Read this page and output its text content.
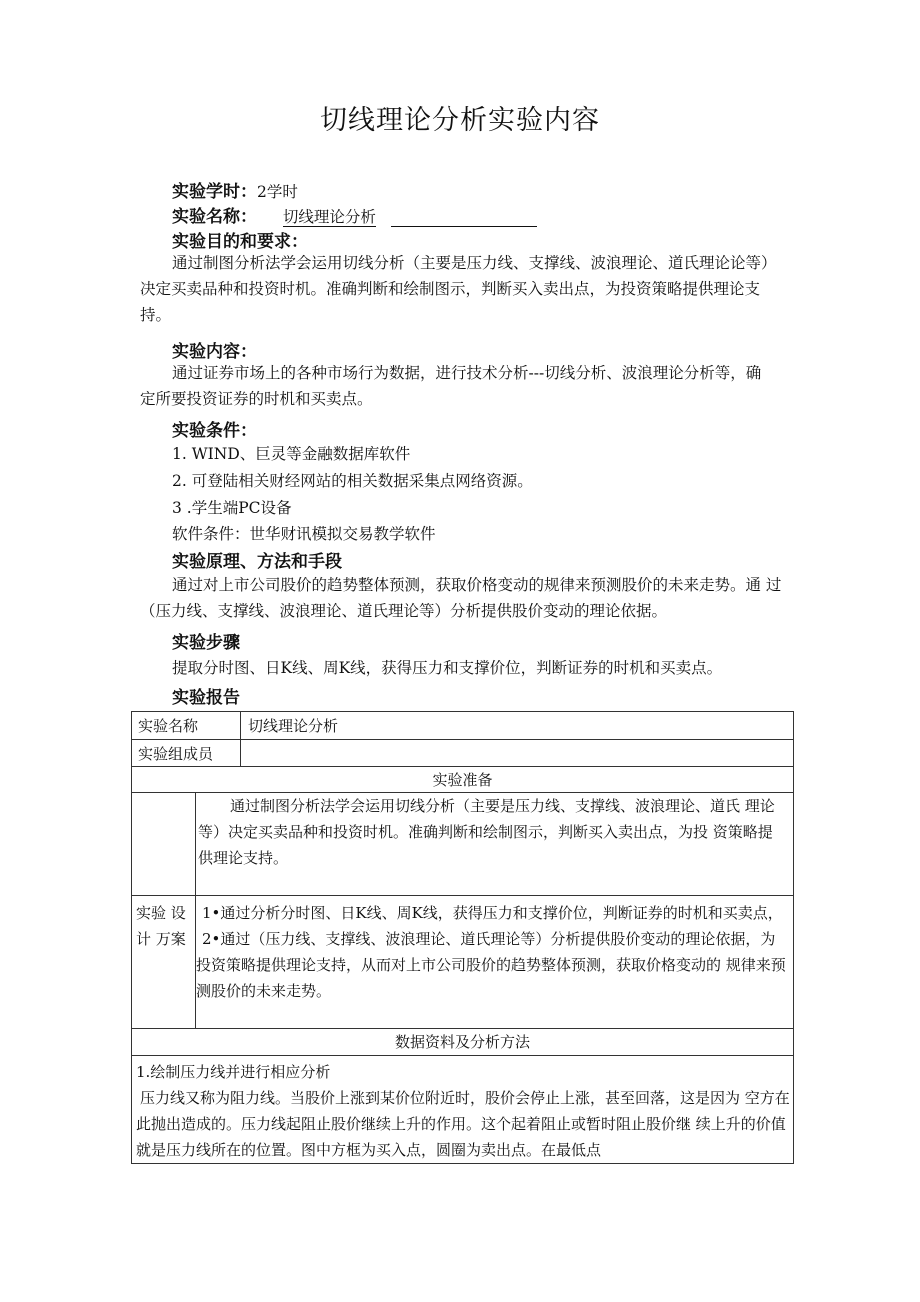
切线理论分析实验内容
实验学时：2学时
实验名称： 切线理论分析
实验目的和要求：
通过制图分析法学会运用切线分析（主要是压力线、支撑线、波浪理论、道氏理论论等） 决定买卖品种和投资时机。准确判断和绘制图示，判断买入卖出点，为投资策略提供理论支 持。
实验内容：
通过证券市场上的各种市场行为数据，进行技术分析---切线分析、波浪理论分析等，确 定所要投资证券的时机和买卖点。
实验条件：
1. WIND、巨灵等金融数据库软件
2. 可登陆相关财经网站的相关数据采集点网络资源。
3 .学生端PC设备
软件条件：世华财讯模拟交易教学软件
实验原理、方法和手段
通过对上市公司股价的趋势整体预测，获取价格变动的规律来预测股价的未来走势。通 过（压力线、支撑线、波浪理论、道氏理论等）分析提供股价变动的理论依据。
实验步骤
提取分时图、日K线、周K线，获得压力和支撑价位，判断证券的时机和买卖点。
实验报告
实验名称	切线理论分析
实验组成员
实验准备
通过制图分析法学会运用切线分析（主要是压力线、支撑线、波浪理论、道氏 理论等）决定买卖品种和投资时机。准确判断和绘制图示，判断买入卖出点，为投 资策略提供理论支持。
实验 设
计 万案
1•通过分析分时图、日K线、周K线，获得压力和支撑价位，判断证券的时机和买卖点，
2•通过（压力线、支撑线、波浪理论、道氏理论等）分析提供股价变动的理论依据，为投资策略提供理论支持，从而对上市公司股价的趋势整体预测，获取价格变动的 规律来预测股价的未来走势。
数据资料及分析方法
1.绘制压力线并进行相应分析
压力线又称为阻力线。当股价上涨到某价位附近时，股价会停止上涨，甚至回落，这是因为 空方在此抛出造成的。压力线起阻止股价继续上升的作用。这个起着阻止或暂时阻止股价继 续上升的价值就是压力线所在的位置。图中方框为买入点，圆圈为卖出点。在最低点
